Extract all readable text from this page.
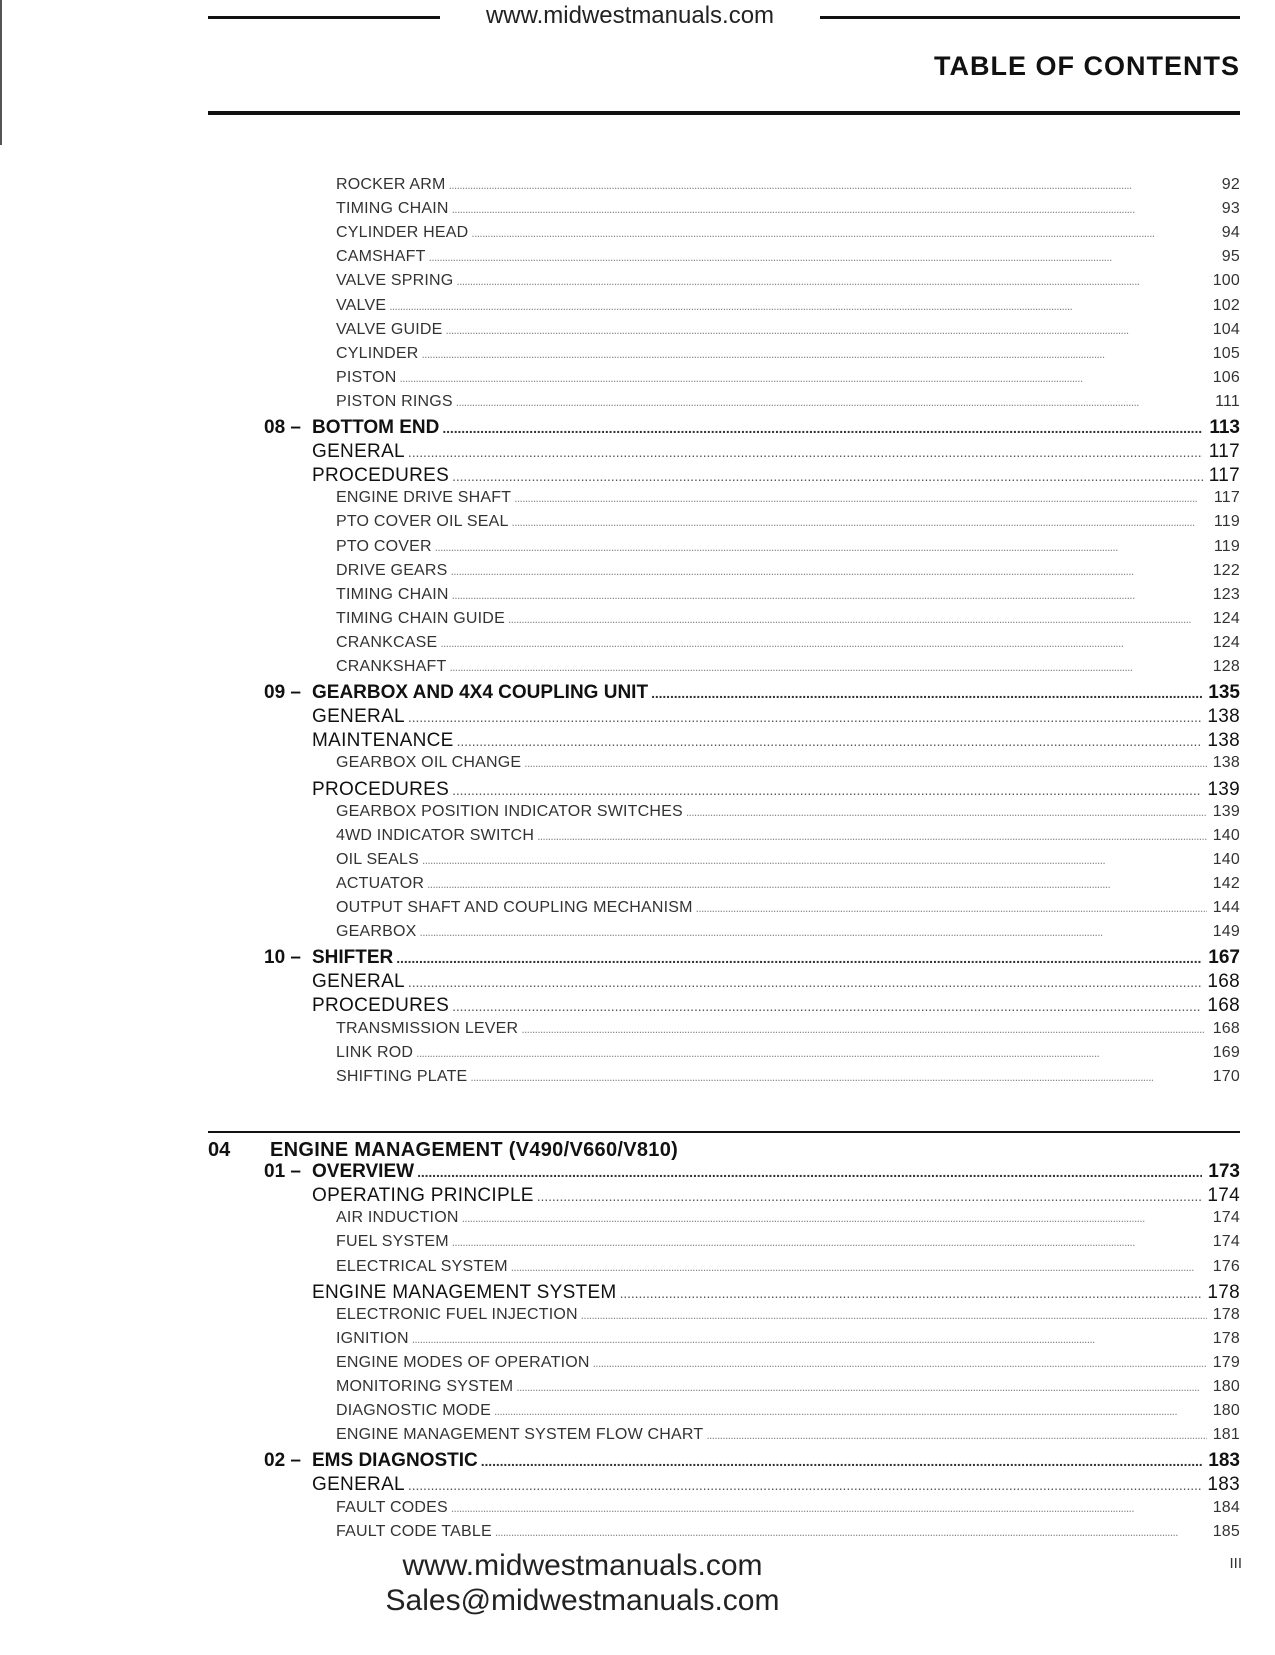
www.midwestmanuals.com
TABLE OF CONTENTS
ROCKER ARM . . .	92
TIMING CHAIN . . .	93
CYLINDER HEAD . . .	94
CAMSHAFT . . .	95
VALVE SPRING . . .	100
VALVE . . .	102
VALVE GUIDE . . .	104
CYLINDER . . .	105
PISTON . . .	106
PISTON RINGS . . .	111
08 – BOTTOM END . . .	113
GENERAL . . .	117
PROCEDURES . . .	117
ENGINE DRIVE SHAFT . . .	117
PTO COVER OIL SEAL . . .	119
PTO COVER . . .	119
DRIVE GEARS . . .	122
TIMING CHAIN . . .	123
TIMING CHAIN GUIDE . . .	124
CRANKCASE . . .	124
CRANKSHAFT . . .	128
09 – GEARBOX AND 4X4 COUPLING UNIT . . .	135
GENERAL . . .	138
MAINTENANCE . . .	138
GEARBOX OIL CHANGE . . .	138
PROCEDURES . . .	139
GEARBOX POSITION INDICATOR SWITCHES . . .	139
4WD INDICATOR SWITCH . . .	140
OIL SEALS . . .	140
ACTUATOR . . .	142
OUTPUT SHAFT AND COUPLING MECHANISM . . .	144
GEARBOX . . .	149
10 – SHIFTER . . .	167
GENERAL . . .	168
PROCEDURES . . .	168
TRANSMISSION LEVER . . .	168
LINK ROD . . .	169
SHIFTING PLATE . . .	170
01 – OVERVIEW . . .	173
OPERATING PRINCIPLE . . .	174
AIR INDUCTION . . .	174
FUEL SYSTEM . . .	174
ELECTRICAL SYSTEM . . .	176
ENGINE MANAGEMENT SYSTEM . . .	178
ELECTRONIC FUEL INJECTION . . .	178
IGNITION . . .	178
ENGINE MODES OF OPERATION . . .	179
MONITORING SYSTEM . . .	180
DIAGNOSTIC MODE . . .	180
ENGINE MANAGEMENT SYSTEM FLOW CHART . . .	181
02 – EMS DIAGNOSTIC . . .	183
GENERAL . . .	183
FAULT CODES . . .	184
FAULT CODE TABLE . . .	185
04 ENGINE MANAGEMENT (V490/V660/V810)
www.midwestmanuals.com
Sales@midwestmanuals.com
III
